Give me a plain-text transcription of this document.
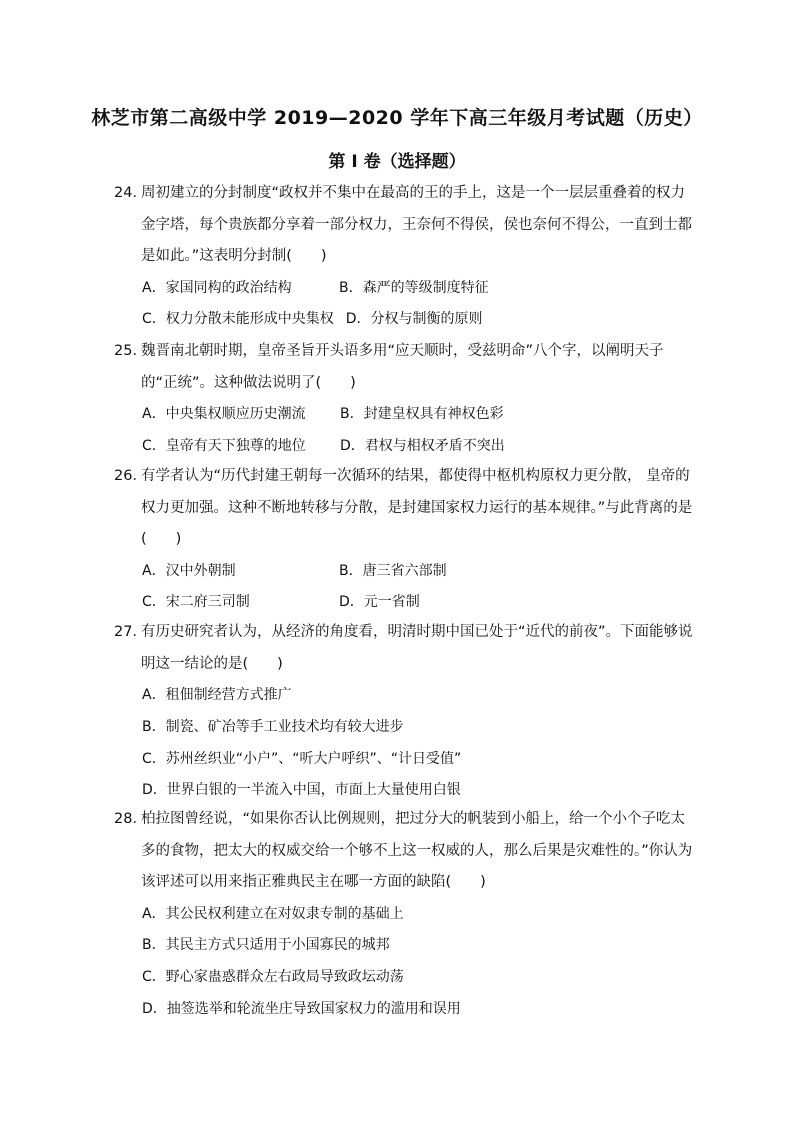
林芝市第二高级中学 2019—2020 学年下高三年级月考试题（历史）
第 I 卷（选择题）
24．
周初建立的分封制度“政权并不集中在最高的王的手上，这是一个一层层重叠着的权力金字塔，每个贵族都分享着一部分权力，王奈何不得侯，侯也奈何不得公，一直到士都是如此。”这表明分封制(　　)
A．家国同构的政治结构	B．森严的等级制度特征
C．权力分散未能形成中央集权 D．分权与制衡的原则
25．
魏晋南北朝时期，皇帝圣旨开头语多用“应天顺时，受兹明命”八个字，以阐明天子的“正统”。这种做法说明了(　　)
A．中央集权顺应历史潮流	B．封建皇权具有神权色彩
C．皇帝有天下独尊的地位	D．君权与相权矛盾不突出
26．
有学者认为“历代封建王朝每一次循环的结果，都使得中枢机构原权力更分散， 皇帝的权力更加强。这种不断地转移与分散，是封建国家权力运行的基本规律。”与此背离的是(　　)
A．汉中外朝制	B．唐三省六部制
C．宋二府三司制	D．元一省制
27．
有历史研究者认为，从经济的角度看，明清时期中国已处于“近代的前夜”。下面能够说明这一结论的是(　　)
A．租佃制经营方式推广
B．制瓷、矿冶等手工业技术均有较大进步
C．苏州丝织业“小户”、“听大户呼织”、“计日受值”
D．世界白银的一半流入中国，市面上大量使用白银
28．
柏拉图曾经说，“如果你否认比例规则，把过分大的帆装到小船上，给一个小个子吃太多的食物，把太大的权威交给一个够不上这一权威的人，那么后果是灾难性的。”你认为该评述可以用来指正雅典民主在哪一方面的缺陷(　　)
A．其公民权利建立在对奴隶专制的基础上
B．其民主方式只适用于小国寡民的城邦
C．野心家蛊惑群众左右政局导致政坛动荡
D．抽签选举和轮流坐庄导致国家权力的滥用和误用
